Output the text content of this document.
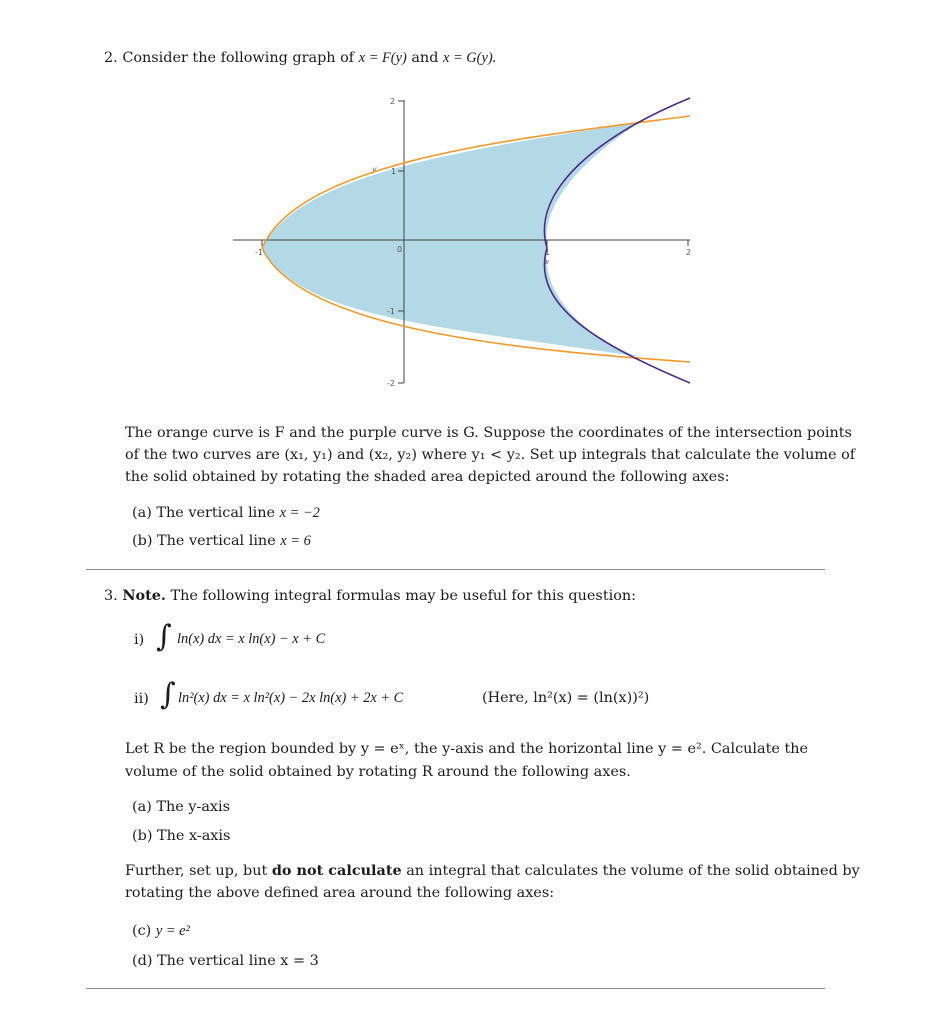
2. Consider the following graph of x = F(y) and x = G(y).
2
1
-1
-2
-1	0	1	2
y
x
The orange curve is F and the purple curve is G. Suppose the coordinates of the intersection points
of the two curves are (x₁, y₁) and (x₂, y₂) where y₁ < y₂. Set up integrals that calculate the volume of
the solid obtained by rotating the shaded area depicted around the following axes:
(a) The vertical line x = −2
(b) The vertical line x = 6
3. Note. The following integral formulas may be useful for this question:
i) ∫ ln(x) dx = x ln(x) − x + C
ii) ∫ ln²(x) dx = x ln²(x) − 2x ln(x) + 2x + C	(Here, ln²(x) = (ln(x))²)
Let R be the region bounded by y = eˣ, the y-axis and the horizontal line y = e². Calculate the
volume of the solid obtained by rotating R around the following axes.
(a) The y-axis
(b) The x-axis
Further, set up, but do not calculate an integral that calculates the volume of the solid obtained by
rotating the above defined area around the following axes:
(c) y = e²
(d) The vertical line x = 3
